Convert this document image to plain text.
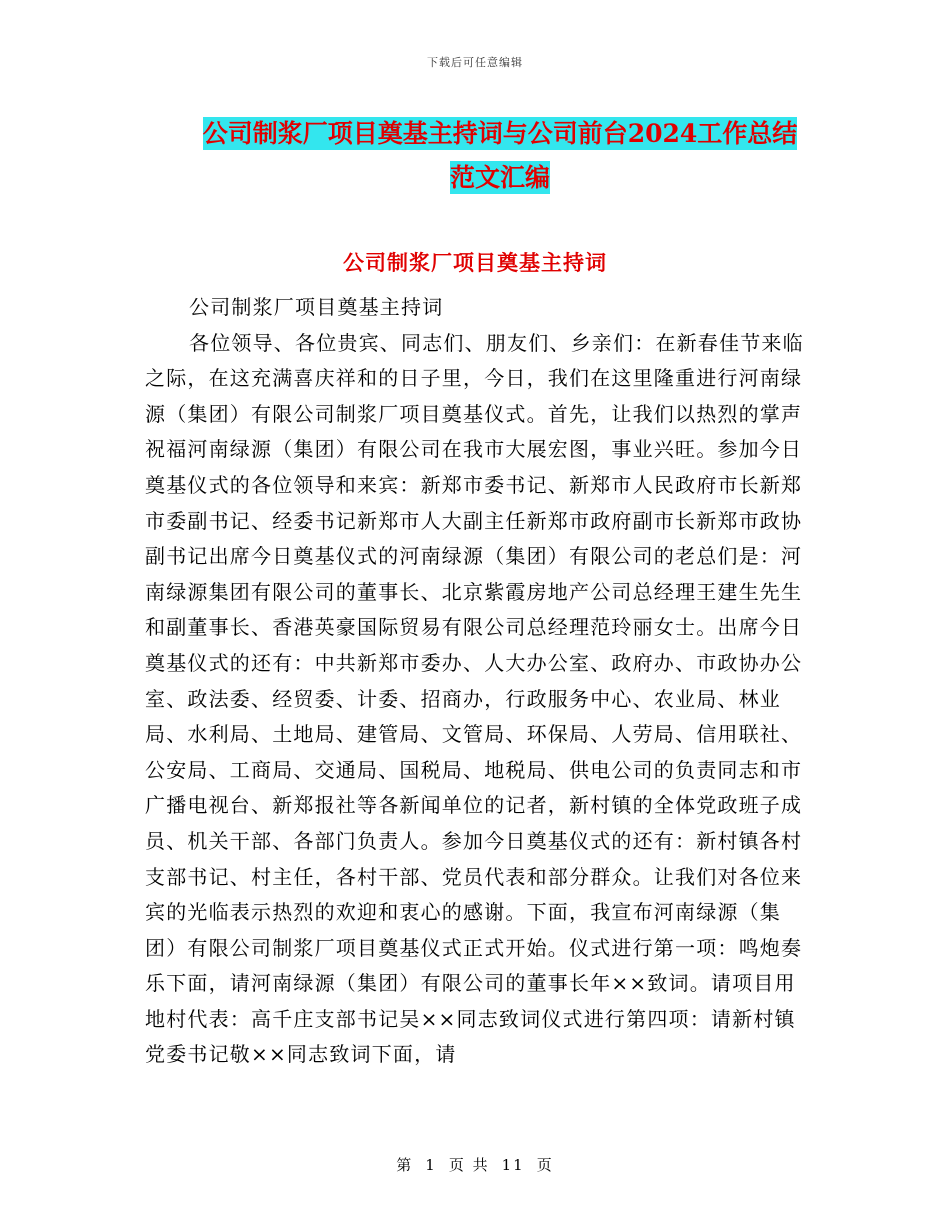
下载后可任意编辑
公司制浆厂项目奠基主持词与公司前台2024工作总结
范文汇编
公司制浆厂项目奠基主持词

公司制浆厂项目奠基主持词

各位领导、各位贵宾、同志们、朋友们、乡亲们：在新春佳节来临之际，在这充满喜庆祥和的日子里，今日，我们在这里隆重进行河南绿源（集团）有限公司制浆厂项目奠基仪式。首先，让我们以热烈的掌声祝福河南绿源（集团）有限公司在我市大展宏图，事业兴旺。参加今日奠基仪式的各位领导和来宾：新郑市委书记、新郑市人民政府市长新郑市委副书记、经委书记新郑市人大副主任新郑市政府副市长新郑市政协副书记出席今日奠基仪式的河南绿源（集团）有限公司的老总们是：河南绿源集团有限公司的董事长、北京紫霞房地产公司总经理王建生先生和副董事长、香港英豪国际贸易有限公司总经理范玲丽女士。出席今日奠基仪式的还有：中共新郑市委办、人大办公室、政府办、市政协办公室、政法委、经贸委、计委、招商办，行政服务中心、农业局、林业局、水利局、土地局、建管局、文管局、环保局、人劳局、信用联社、公安局、工商局、交通局、国税局、地税局、供电公司的负责同志和市广播电视台、新郑报社等各新闻单位的记者，新村镇的全体党政班子成员、机关干部、各部门负责人。参加今日奠基仪式的还有：新村镇各村支部书记、村主任，各村干部、党员代表和部分群众。让我们对各位来宾的光临表示热烈的欢迎和衷心的感谢。下面，我宣布河南绿源（集团）有限公司制浆厂项目奠基仪式正式开始。仪式进行第一项：鸣炮奏乐下面，请河南绿源（集团）有限公司的董事长年××致词。请项目用地村代表：高千庄支部书记吴××同志致词仪式进行第四项：请新村镇党委书记敬××同志致词下面，请

第 1 页 共 11 页
